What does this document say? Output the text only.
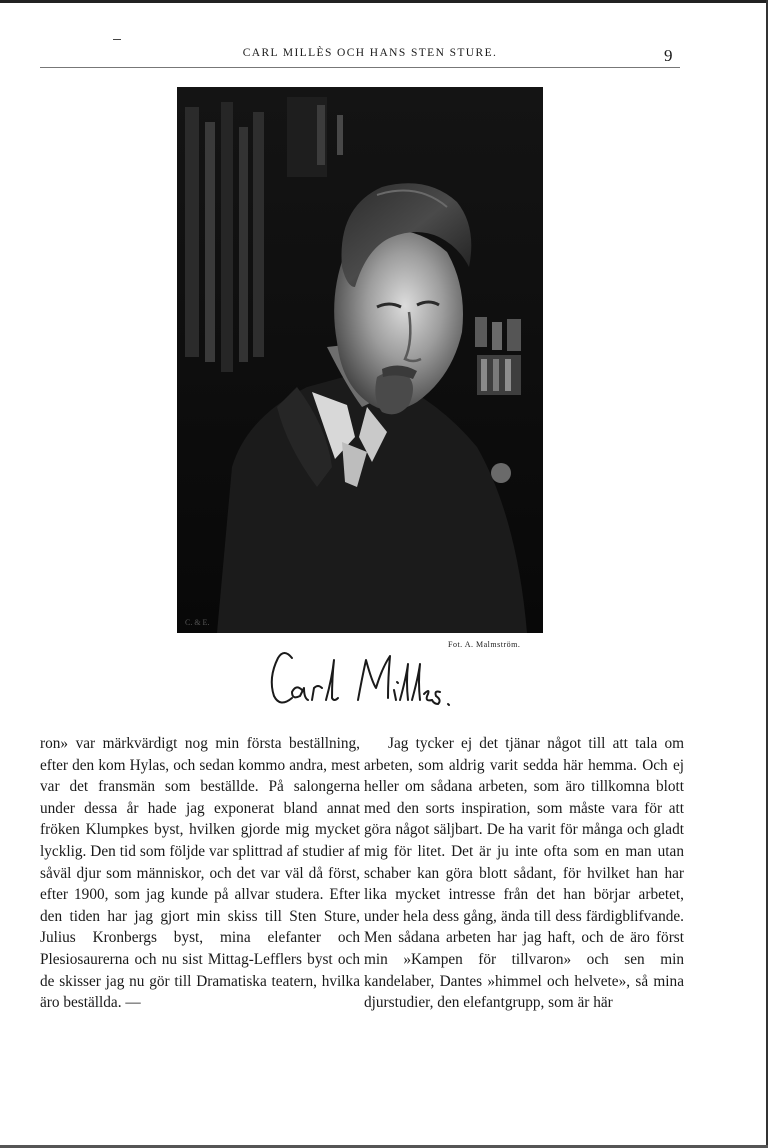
CARL MILLÈS OCH HANS STEN STURE.	9
C. & E.
Fot. A. Malmström.
Carl Milles.

ron» var märkvärdigt nog min första beställning, efter den kom Hylas, och sedan kommo andra, mest var det fransmän som beställde. På salongerna under dessa år hade jag exponerat bland annat fröken Klumpkes byst, hvilken gjorde mig mycket lycklig. Den tid som följde var splittrad af studier af såväl djur som människor, och det var väl då först, efter 1900, som jag kunde på allvar studera. Efter den tiden har jag gjort min skiss till Sten Sture, Julius Kronbergs byst, mina elefanter och Plesiosaurerna och nu sist Mittag-Lefflers byst och de skisser jag nu gör till Dramatiska teatern, hvilka äro beställda. —

Jag tycker ej det tjänar något till att tala om arbeten, som aldrig varit sedda här hemma. Och ej heller om sådana arbeten, som äro tillkomna blott med den sorts inspiration, som måste vara för att göra något säljbart. De ha varit för många och gladt mig för litet. Det är ju inte ofta som en man utan schaber kan göra blott sådant, för hvilket han har lika mycket intresse från det han börjar arbetet, under hela dess gång, ända till dess färdigblifvande. Men sådana arbeten har jag haft, och de äro först min »Kampen för tillvaron» och sen min kandelaber, Dantes »himmel och helvete», så mina djurstudier, den elefantgrupp, som är här
